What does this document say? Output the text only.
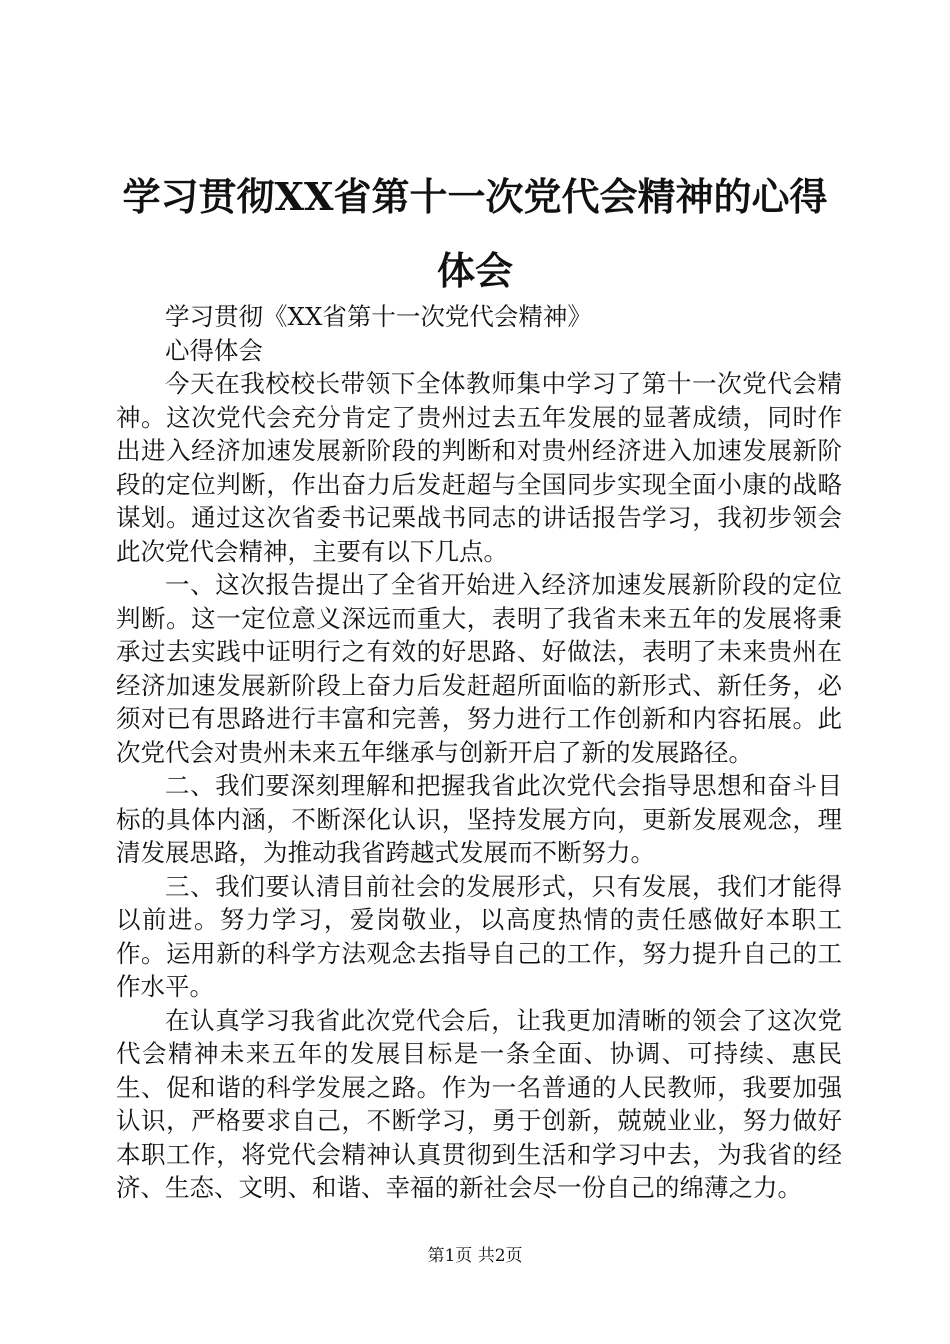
学习贯彻XX省第十一次党代会精神的心得体会

学习贯彻《XX省第十一次党代会精神》

心得体会

今天在我校校长带领下全体教师集中学习了第十一次党代会精神。这次党代会充分肯定了贵州过去五年发展的显著成绩，同时作出进入经济加速发展新阶段的判断和对贵州经济进入加速发展新阶段的定位判断，作出奋力后发赶超与全国同步实现全面小康的战略谋划。通过这次省委书记栗战书同志的讲话报告学习，我初步领会此次党代会精神，主要有以下几点。

一、这次报告提出了全省开始进入经济加速发展新阶段的定位判断。这一定位意义深远而重大，表明了我省未来五年的发展将秉承过去实践中证明行之有效的好思路、好做法，表明了未来贵州在经济加速发展新阶段上奋力后发赶超所面临的新形式、新任务，必须对已有思路进行丰富和完善，努力进行工作创新和内容拓展。此次党代会对贵州未来五年继承与创新开启了新的发展路径。

二、我们要深刻理解和把握我省此次党代会指导思想和奋斗目标的具体内涵，不断深化认识，坚持发展方向，更新发展观念，理清发展思路，为推动我省跨越式发展而不断努力。

三、我们要认清目前社会的发展形式，只有发展，我们才能得以前进。努力学习，爱岗敬业，以高度热情的责任感做好本职工作。运用新的科学方法观念去指导自己的工作，努力提升自己的工作水平。

在认真学习我省此次党代会后，让我更加清晰的领会了这次党代会精神未来五年的发展目标是一条全面、协调、可持续、惠民生、促和谐的科学发展之路。作为一名普通的人民教师，我要加强认识，严格要求自己，不断学习，勇于创新，兢兢业业，努力做好本职工作，将党代会精神认真贯彻到生活和学习中去，为我省的经济、生态、文明、和谐、幸福的新社会尽一份自己的绵薄之力。

第1页 共2页
